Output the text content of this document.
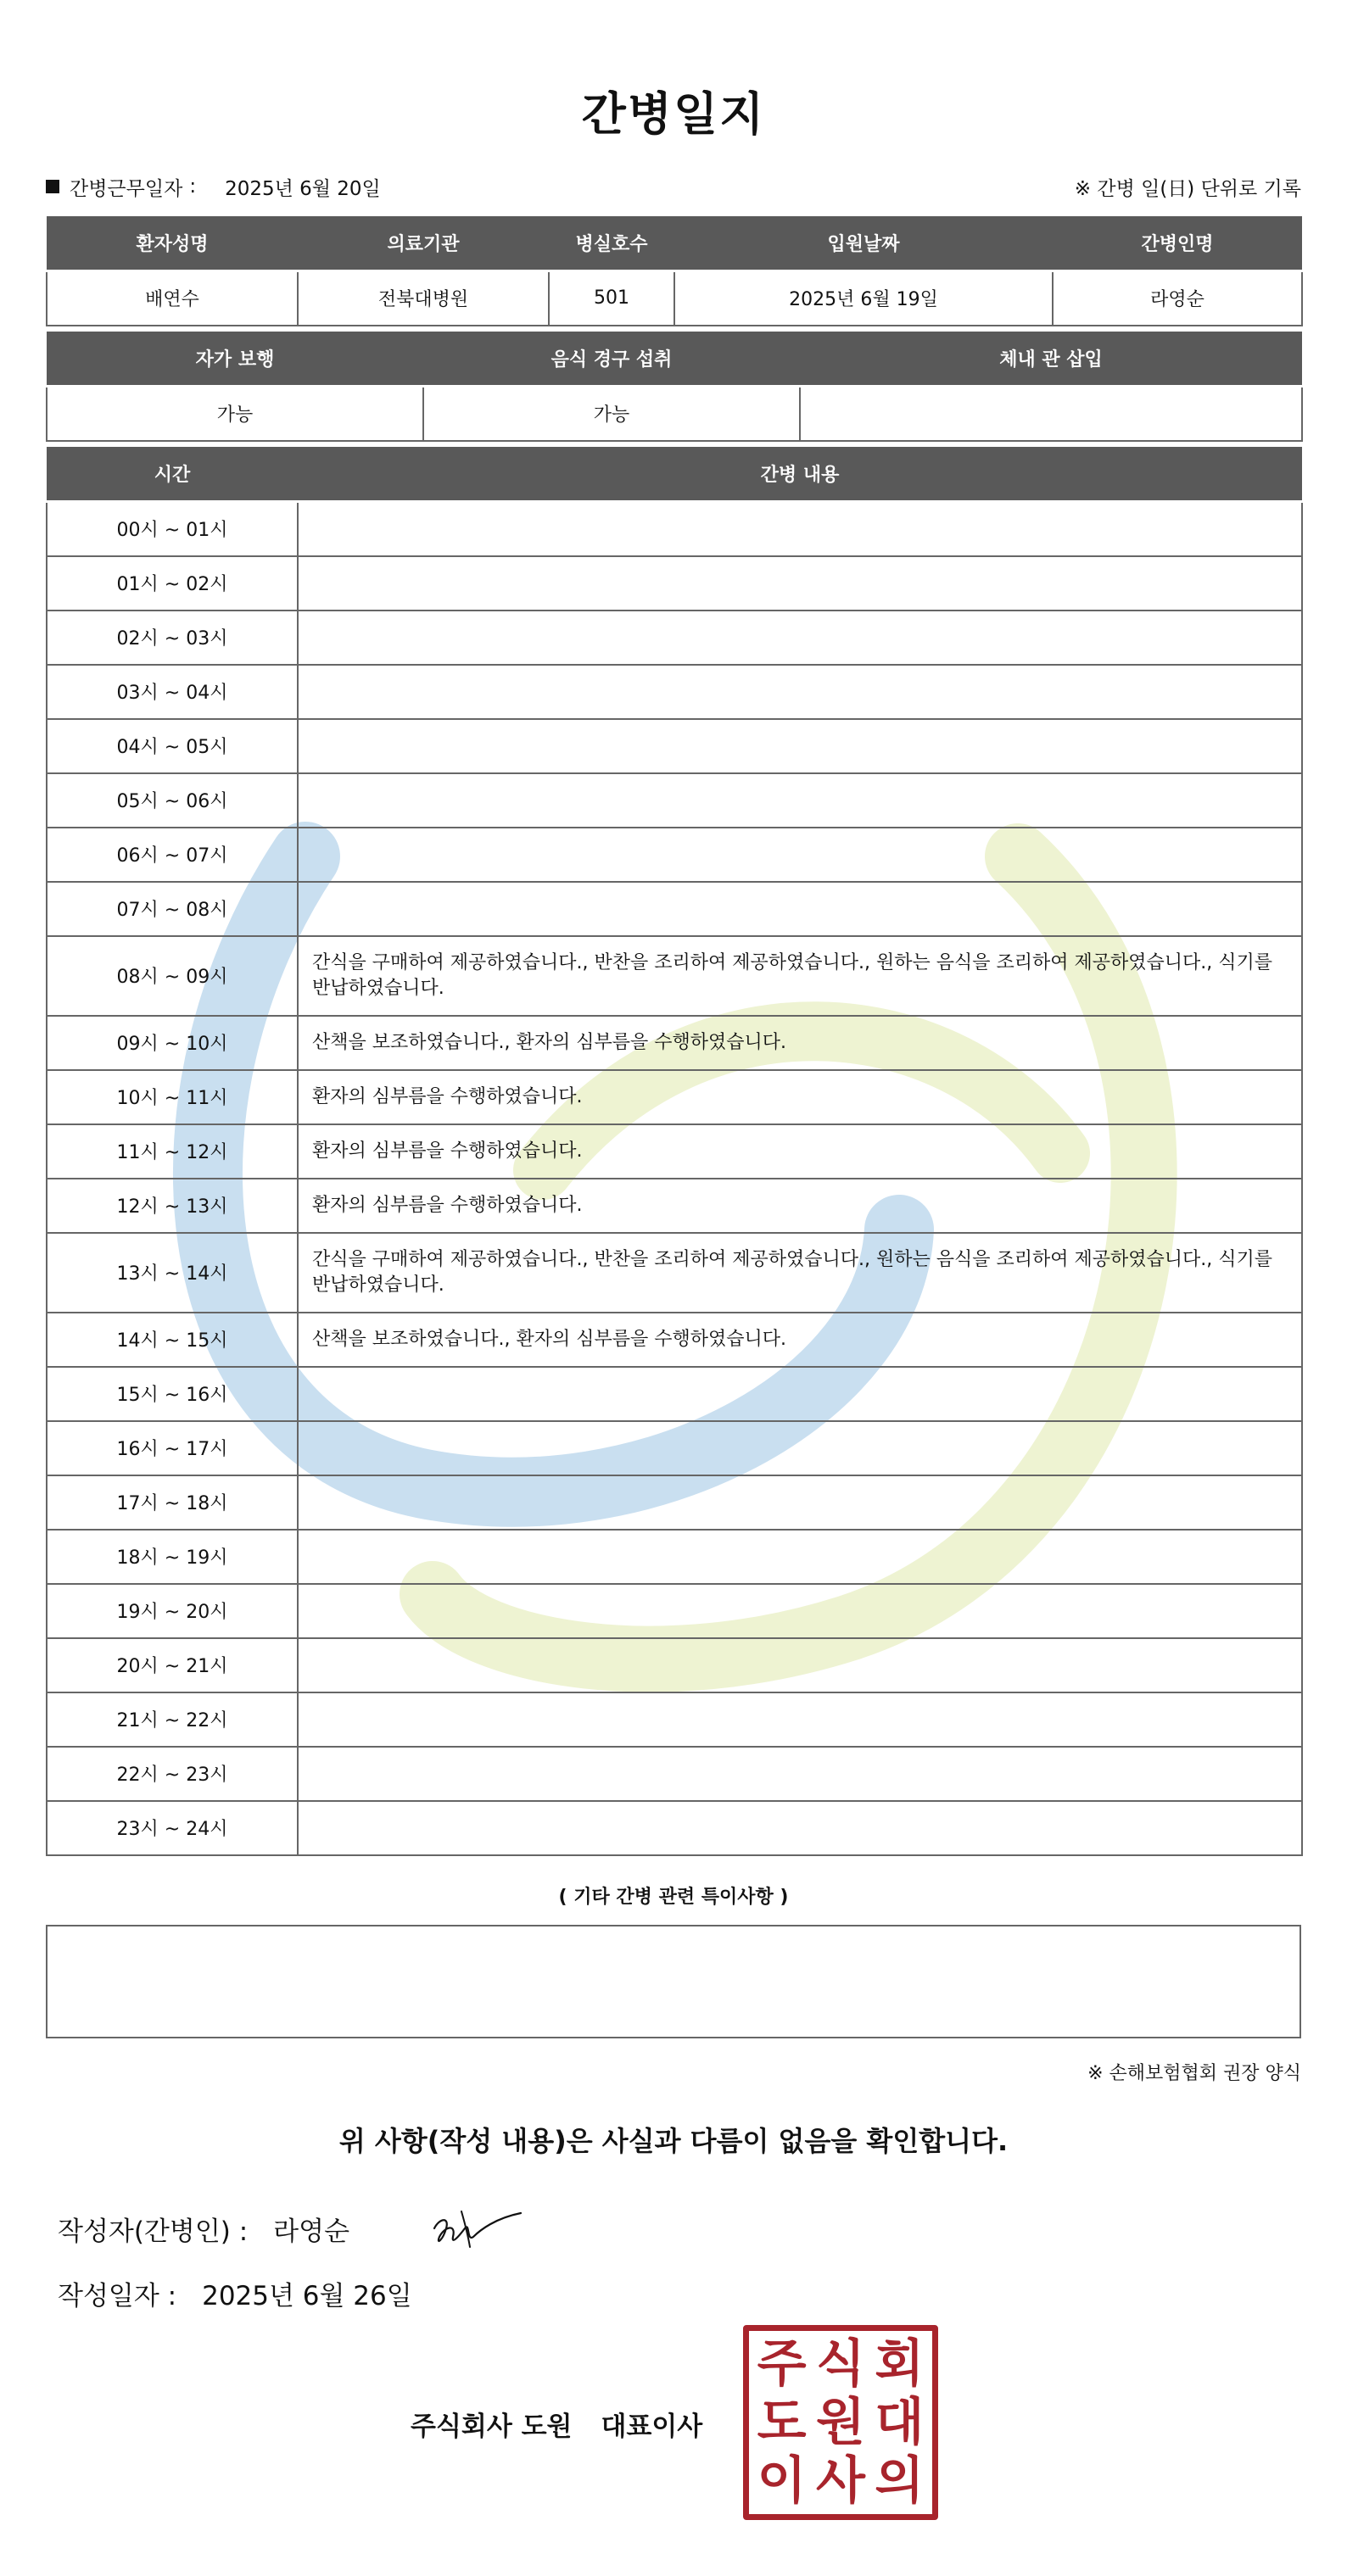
간병일지
간병근무일자 : 2025년 6월 20일	※ 간병 일(日) 단위로 기록
환자성명	의료기관	병실호수	입원날짜	간병인명
배연수	전북대병원	501	2025년 6월 19일	라영순
자가 보행	음식 경구 섭취	체내 관 삽입
가능	가능	
시간	간병 내용
00시 ~ 01시	
01시 ~ 02시	
02시 ~ 03시	
03시 ~ 04시	
04시 ~ 05시	
05시 ~ 06시	
06시 ~ 07시	
07시 ~ 08시	
08시 ~ 09시	간식을 구매하여 제공하였습니다., 반찬을 조리하여 제공하였습니다., 원하는 음식을 조리하여 제공하였습니다., 식기를 반납하였습니다.
09시 ~ 10시	산책을 보조하였습니다., 환자의 심부름을 수행하였습니다.
10시 ~ 11시	환자의 심부름을 수행하였습니다.
11시 ~ 12시	환자의 심부름을 수행하였습니다.
12시 ~ 13시	환자의 심부름을 수행하였습니다.
13시 ~ 14시	간식을 구매하여 제공하였습니다., 반찬을 조리하여 제공하였습니다., 원하는 음식을 조리하여 제공하였습니다., 식기를 반납하였습니다.
14시 ~ 15시	산책을 보조하였습니다., 환자의 심부름을 수행하였습니다.
15시 ~ 16시	
16시 ~ 17시	
17시 ~ 18시	
18시 ~ 19시	
19시 ~ 20시	
20시 ~ 21시	
21시 ~ 22시	
22시 ~ 23시	
23시 ~ 24시	
( 기타 간병 관련 특이사항 )
※ 손해보험협회 권장 양식
위 사항(작성 내용)은 사실과 다름이 없음을 확인합니다.
작성자(간병인) : 라영순
작성일자 : 2025년 6월 26일
주식회사 도원 대표이사
주 식 회
도 원 대
이 사 의
